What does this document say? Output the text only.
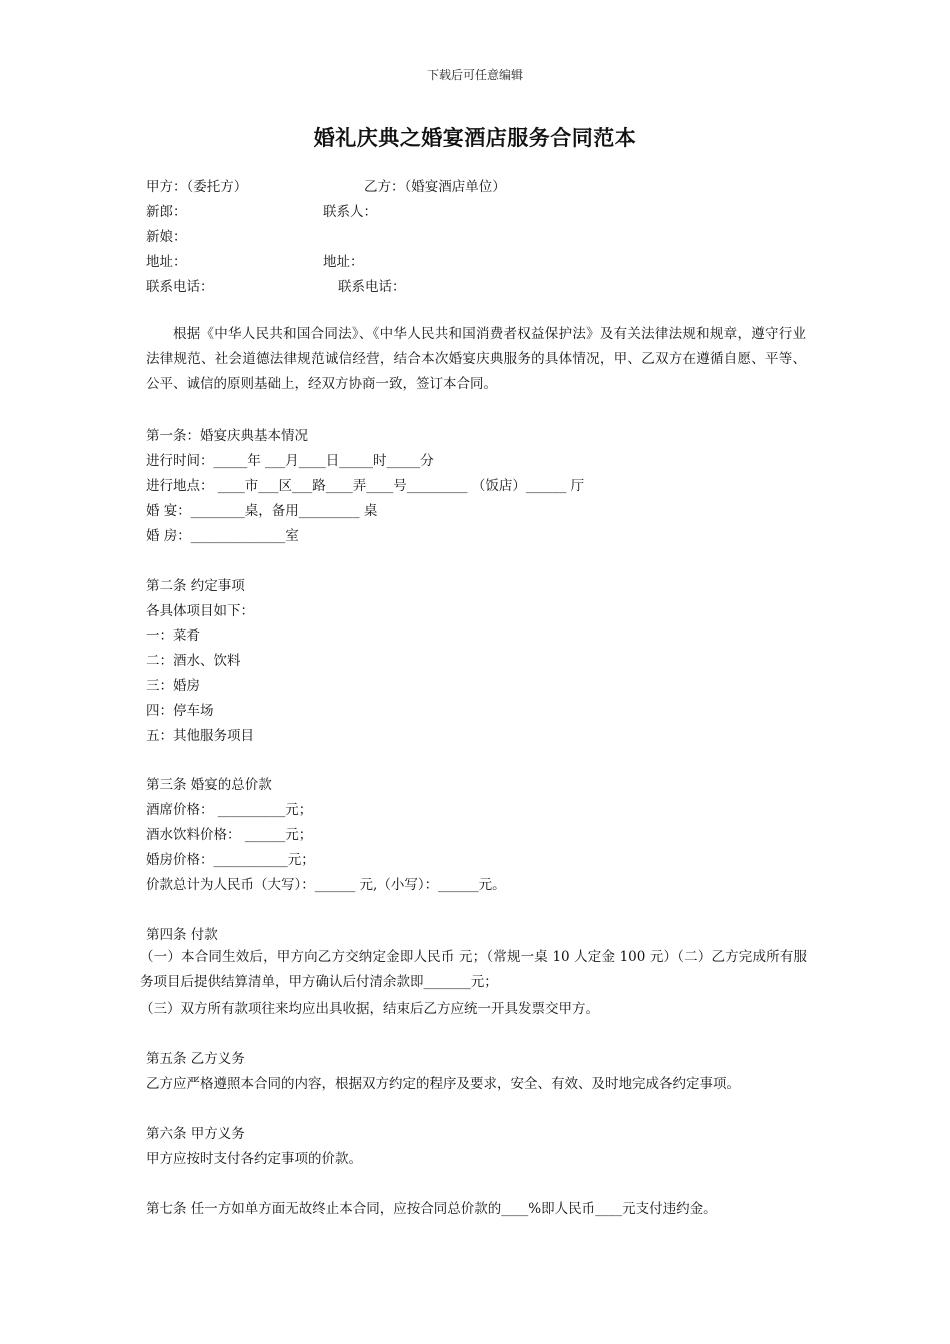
下载后可任意编辑
婚礼庆典之婚宴酒店服务合同范本
甲方：（委托方）	乙方：（婚宴酒店单位）
新郎：	联系人：
新娘：
地址：	地址：
联系电话：	联系电话：
根据《中华人民共和国合同法》、《中华人民共和国消费者权益保护法》及有关法律法规和规章，遵守行业法律规范、社会道德法律规范诚信经营，结合本次婚宴庆典服务的具体情况，甲、乙双方在遵循自愿、平等、公平、诚信的原则基础上，经双方协商一致，签订本合同。
第一条：婚宴庆典基本情况
进行时间：_____年 ___月____日_____时_____分
进行地点： ____市___区___路____弄____号_________ （饭店）______ 厅
婚 宴：________桌，备用_________ 桌
婚 房：______________室
第二条 约定事项
各具体项目如下：
一：菜肴
二：酒水、饮料
三：婚房
四：停车场
五：其他服务项目
第三条 婚宴的总价款
酒席价格： __________元；
酒水饮料价格： ______元；
婚房价格：___________元；
价款总计为人民币（大写）：______ 元,（小写）：______元。
第四条 付款
（一）本合同生效后，甲方向乙方交纳定金即人民币 元；（常规一桌 10 人定金 100 元）（二）乙方完成所有服务项目后提供结算清单，甲方确认后付清余款即_______元；
（三）双方所有款项往来均应出具收据，结束后乙方应统一开具发票交甲方。
第五条 乙方义务
乙方应严格遵照本合同的内容，根据双方约定的程序及要求，安全、有效、及时地完成各约定事项。
第六条 甲方义务
甲方应按时支付各约定事项的价款。
第七条 任一方如单方面无故终止本合同，应按合同总价款的____%即人民币____元支付违约金。
